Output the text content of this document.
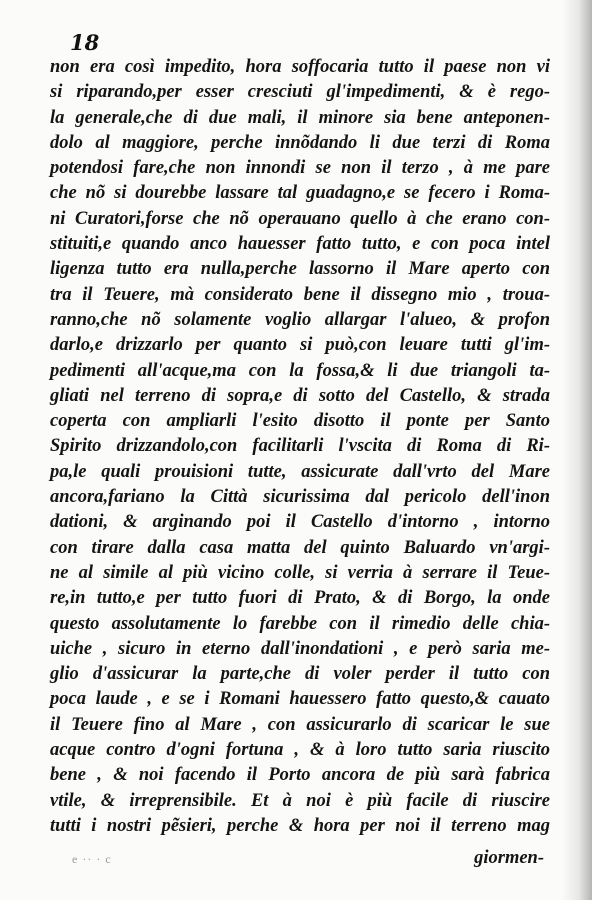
18
non era così impedito, hora soffocaria tutto il paese non vi
si riparando,per esser cresciuti gl'impedimenti, & è rego-
la generale,che di due mali, il minore sia bene anteponen-
dolo al maggiore, perche innõdando li due terzi di Roma
potendosi fare,che non innondi se non il terzo , à me pare
che nõ si dourebbe lassare tal guadagno,e se fecero i Roma-
ni Curatori,forse che nõ operauano quello à che erano con-
stituiti,e quando anco hauesser fatto tutto, e con poca intel
ligenza tutto era nulla,perche lassorno il Mare aperto con
tra il Teuere, mà considerato bene il dissegno mio , trouа-
ranno,che nõ solamente voglio allargar l'alueo, & profon
darlo,e drizzarlo per quanto si può,con leuare tutti gl'im-
pedimenti all'acque,ma con la fossa,& li due triangoli ta-
gliati nel terreno di sopra,e di sotto del Castello, & strada
coperta con ampliarli l'esito disotto il ponte per Santo
Spirito drizzandolo,con facilitarli l'vscita di Roma di Ri-
pa,le quali prouisioni tutte, assicurate dall'vrto del Mare
ancora,fariano la Città sicurissima dal pericolo dell'inon
dationi, & arginando poi il Castello d'intorno , intorno
con tirare dalla casa matta del quinto Baluardo vn'argi-
ne al simile al più vicino colle, si verria à serrare il Teue-
re,in tutto,e per tutto fuori di Prato, & di Borgo, la onde
questo assolutamente lo farebbe con il rimedio delle chia-
uiche , sicuro in eterno dall'inondationi , e però saria me-
glio d'assicurar la parte,che di voler perder il tutto con
poca laude , e se i Romani hauessero fatto questo,& cauato
il Teuere fino al Mare , con assicurarlo di scaricar le sue
acque contro d'ogni fortuna , & à loro tutto saria riuscito
bene , & noi facendo il Porto ancora de più sarà fabrica
vtile, & irreprensibile. Et à noi è più facile di riuscire
tutti i nostri pẽsieri, perche & hora per noi il terreno mag
e ·· · c	giormen-
